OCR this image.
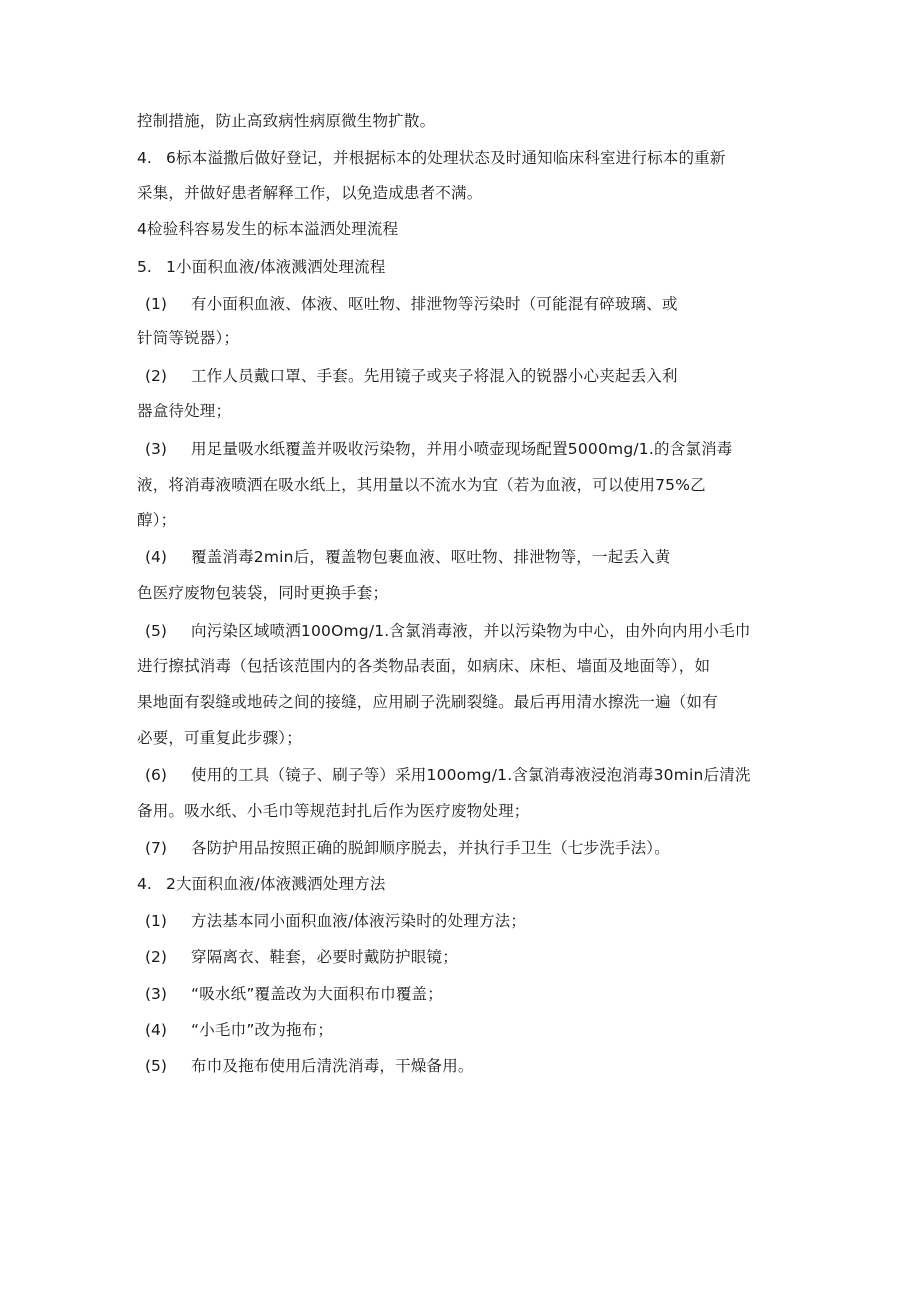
控制措施，防止高致病性病原微生物扩散。
4. 6标本溢撒后做好登记，并根据标本的处理状态及时通知临床科室进行标本的重新
采集，并做好患者解释工作，以免造成患者不满。
4检验科容易发生的标本溢洒处理流程
5. 1小面积血液/体液溅洒处理流程
(1)	有小面积血液、体液、呕吐物、排泄物等污染时（可能混有碎玻璃、或
针筒等锐器）；
(2)	工作人员戴口罩、手套。先用镜子或夹子将混入的锐器小心夹起丢入利
器盒待处理；
(3)	用足量吸水纸覆盖并吸收污染物，并用小喷壶现场配置5000mg/1.的含氯消毒
液，将消毒液喷洒在吸水纸上，其用量以不流水为宜（若为血液，可以使用75%乙
醇）；
(4)	覆盖消毒2min后，覆盖物包裹血液、呕吐物、排泄物等，一起丢入黄
色医疗废物包装袋，同时更换手套；
(5)	向污染区域喷洒100Omg/1.含氯消毒液，并以污染物为中心，由外向内用小毛巾
进行擦拭消毒（包括该范围内的各类物品表面，如病床、床柜、墙面及地面等），如
果地面有裂缝或地砖之间的接缝，应用刷子洗刷裂缝。最后再用清水擦洗一遍（如有
必要，可重复此步骤）；
(6)	使用的工具（镜子、刷子等）采用100omg/1.含氯消毒液浸泡消毒30min后清洗
备用。吸水纸、小毛巾等规范封扎后作为医疗废物处理；
(7)	各防护用品按照正确的脱卸顺序脱去，并执行手卫生（七步洗手法）。
4. 2大面积血液/体液溅洒处理方法
(1)	方法基本同小面积血液/体液污染时的处理方法；
(2)	穿隔离衣、鞋套，必要时戴防护眼镜；
(3)	“吸水纸”覆盖改为大面积布巾覆盖；
(4)	“小毛巾”改为拖布；
(5)	布巾及拖布使用后清洗消毒，干燥备用。
